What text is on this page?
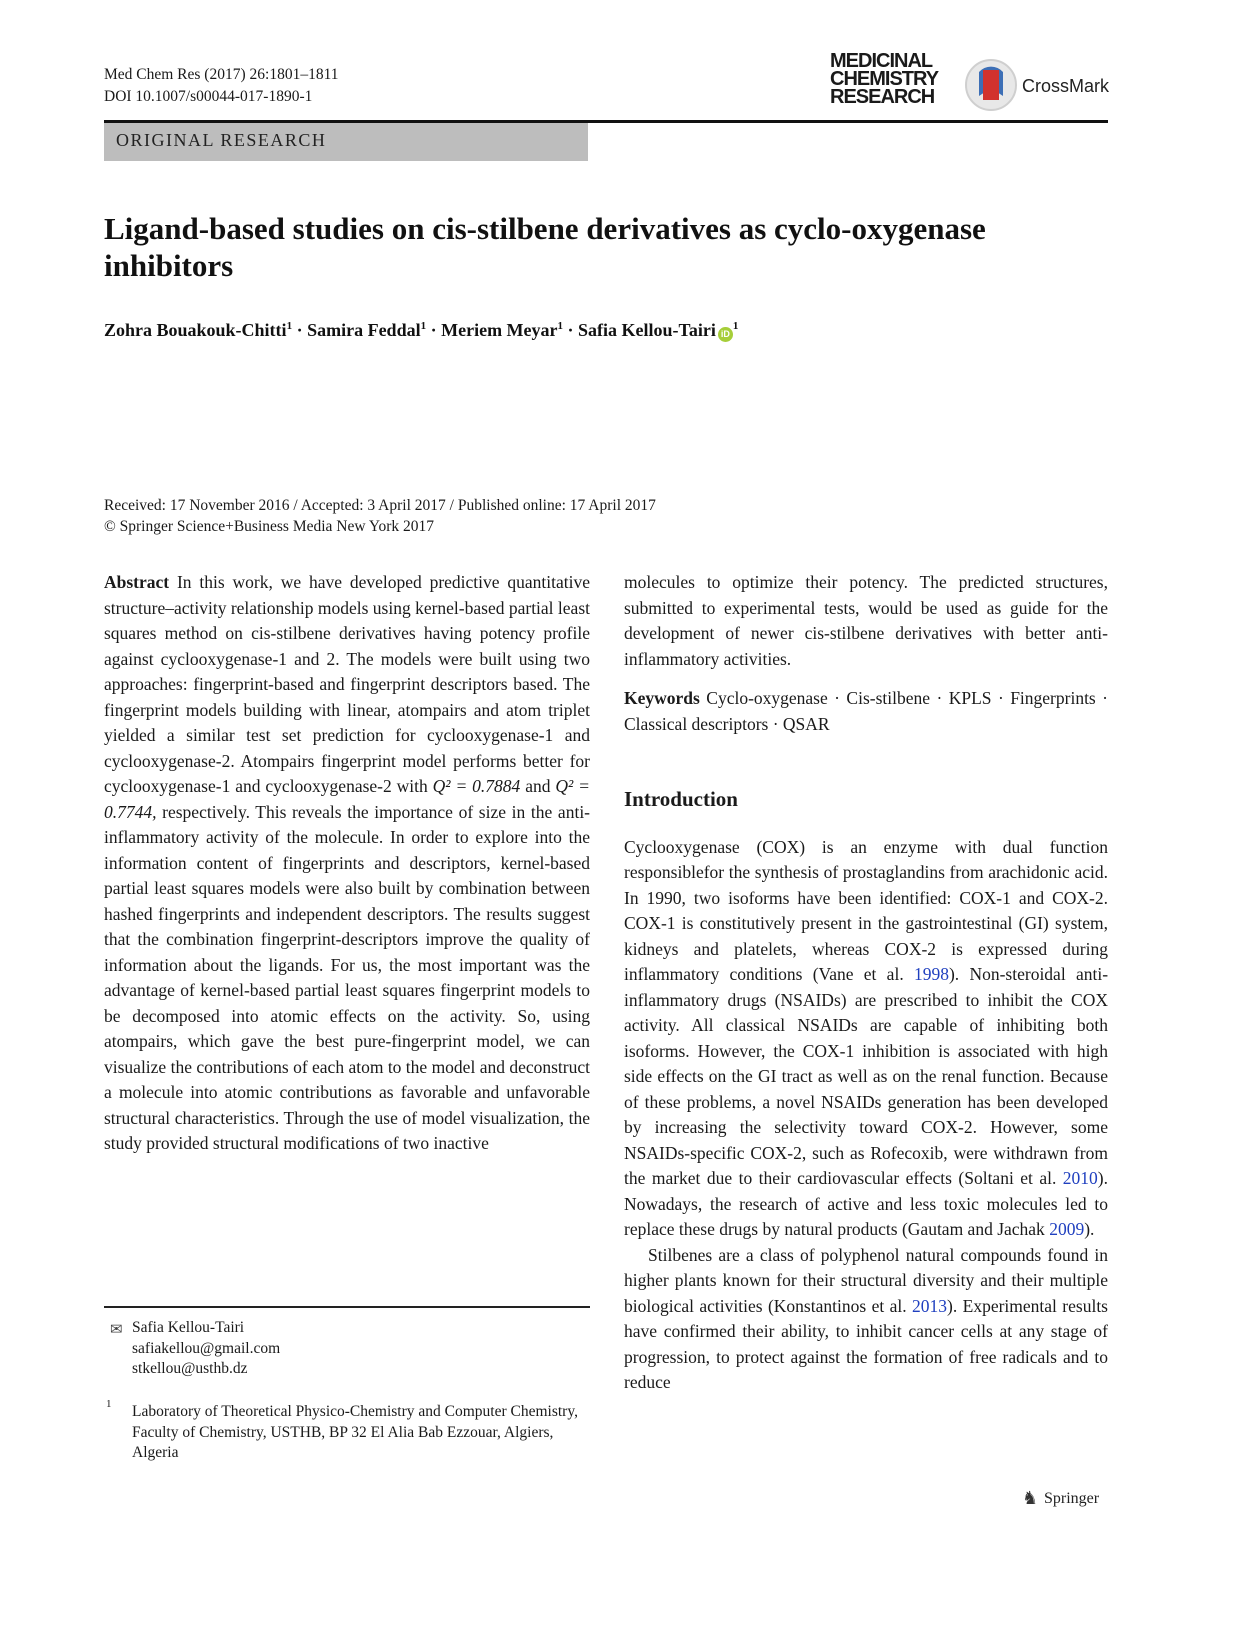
Med Chem Res (2017) 26:1801–1811
DOI 10.1007/s00044-017-1890-1
MEDICINAL
CHEMISTRY
RESEARCH	CrossMark
ORIGINAL RESEARCH
Ligand-based studies on cis-stilbene derivatives as cyclo-oxygenase inhibitors
Zohra Bouakouk-Chitti$^1$ · Samira Feddal$^1$ · Meriem Meyar$^1$ · Safia Kellou-Tairi $iD^1$
Received: 17 November 2016 / Accepted: 3 April 2017 / Published online: 17 April 2017
© Springer Science+Business Media New York 2017

Abstract In this work, we have developed predictive quantitative structure–activity relationship models using kernel-based partial least squares method on cis-stilbene derivatives having potency profile against cyclooxygenase-1 and 2. The models were built using two approaches: fingerprint-based and fingerprint descriptors based. The fingerprint models building with linear, atompairs and atom triplet yielded a similar test set prediction for cyclooxygenase-1 and cyclooxygenase-2. Atompairs fingerprint model performs better for cyclooxygenase-1 and cyclooxygenase-2 with Q² = 0.7884 and Q² = 0.7744, respectively. This reveals the importance of size in the anti-inflammatory activity of the molecule. In order to explore into the information content of fingerprints and descriptors, kernel-based partial least squares models were also built by combination between hashed fingerprints and independent descriptors. The results suggest that the combination fingerprint-descriptors improve the quality of information about the ligands. For us, the most important was the advantage of kernel-based partial least squares fingerprint models to be decomposed into atomic effects on the activity. So, using atompairs, which gave the best pure-fingerprint model, we can visualize the contributions of each atom to the model and deconstruct a molecule into atomic contributions as favorable and unfavorable structural characteristics. Through the use of model visualization, the study provided structural modifications of two inactive

molecules to optimize their potency. The predicted structures, submitted to experimental tests, would be used as guide for the development of newer cis-stilbene derivatives with better anti-inflammatory activities.

Keywords Cyclo-oxygenase · Cis-stilbene · KPLS · Fingerprints · Classical descriptors · QSAR

Introduction

Cyclooxygenase (COX) is an enzyme with dual function responsiblefor the synthesis of prostaglandins from arachidonic acid. In 1990, two isoforms have been identified: COX-1 and COX-2. COX-1 is constitutively present in the gastrointestinal (GI) system, kidneys and platelets, whereas COX-2 is expressed during inflammatory conditions (Vane et al. 1998). Non-steroidal anti-inflammatory drugs (NSAIDs) are prescribed to inhibit the COX activity. All classical NSAIDs are capable of inhibiting both isoforms. However, the COX-1 inhibition is associated with high side effects on the GI tract as well as on the renal function. Because of these problems, a novel NSAIDs generation has been developed by increasing the selectivity toward COX-2. However, some NSAIDs-specific COX-2, such as Rofecoxib, were withdrawn from the market due to their cardiovascular effects (Soltani et al. 2010). Nowadays, the research of active and less toxic molecules led to replace these drugs by natural products (Gautam and Jachak 2009).

Stilbenes are a class of polyphenol natural compounds found in higher plants known for their structural diversity and their multiple biological activities (Konstantinos et al. 2013). Experimental results have confirmed their ability, to inhibit cancer cells at any stage of progression, to protect against the formation of free radicals and to reduce

✉ Safia Kellou-Tairi
safiakellou@gmail.com
stkellou@usthb.dz
1 Laboratory of Theoretical Physico-Chemistry and Computer Chemistry, Faculty of Chemistry, USTHB, BP 32 El Alia Bab Ezzouar, Algiers, Algeria
♞ Springer
